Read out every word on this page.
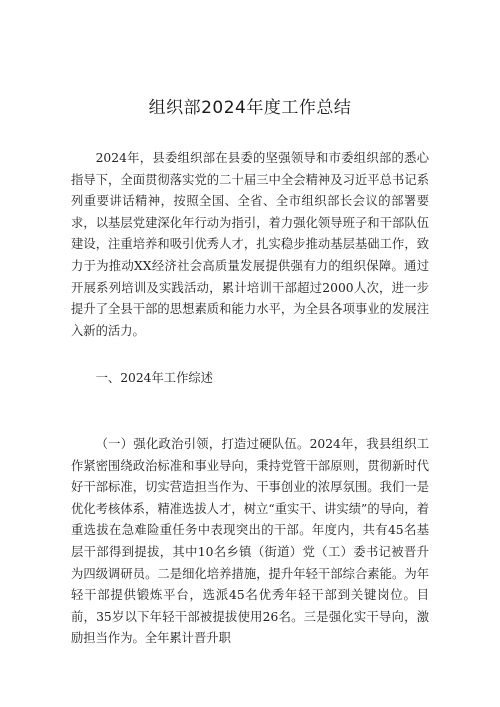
组织部2024年度工作总结

2024年，县委组织部在县委的坚强领导和市委组织部的悉心指导下，全面贯彻落实党的二十届三中全会精神及习近平总书记系列重要讲话精神，按照全国、全省、全市组织部长会议的部署要求，以基层党建深化年行动为指引，着力强化领导班子和干部队伍建设，注重培养和吸引优秀人才，扎实稳步推动基层基础工作，致力于为推动XX经济社会高质量发展提供强有力的组织保障。通过开展系列培训及实践活动，累计培训干部超过2000人次，进一步提升了全县干部的思想素质和能力水平，为全县各项事业的发展注入新的活力。

一、2024年工作综述

（一）强化政治引领，打造过硬队伍。2024年，我县组织工作紧密围绕政治标准和事业导向，秉持党管干部原则，贯彻新时代好干部标准，切实营造担当作为、干事创业的浓厚氛围。我们一是优化考核体系，精准选拔人才，树立“重实干、讲实绩”的导向，着重选拔在急难险重任务中表现突出的干部。年度内，共有45名基层干部得到提拔，其中10名乡镇（街道）党（工）委书记被晋升为四级调研员。二是细化培养措施，提升年轻干部综合素能。为年轻干部提供锻炼平台，选派45名优秀年轻干部到关键岗位。目前，35岁以下年轻干部被提拔使用26名。三是强化实干导向，激励担当作为。全年累计晋升职
